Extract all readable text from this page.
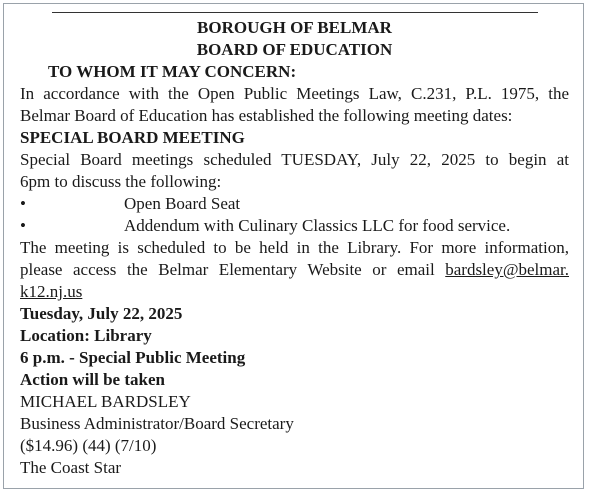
BOROUGH OF BELMAR
BOARD OF EDUCATION
TO WHOM IT MAY CONCERN:
In accordance with the Open Public Meetings Law, C.231, P.L. 1975, the
Belmar Board of Education has established the following meeting dates:
SPECIAL BOARD MEETING
Special Board meetings scheduled TUESDAY, July 22, 2025 to begin at
6pm to discuss the following:
•	Open Board Seat
•	Addendum with Culinary Classics LLC for food service.
The meeting is scheduled to be held in the Library. For more information,
please access the Belmar Elementary Website or email bardsley@belmar.
k12.nj.us
Tuesday, July 22, 2025
Location: Library
6 p.m. - Special Public Meeting
Action will be taken
MICHAEL BARDSLEY
Business Administrator/Board Secretary
($14.96) (44) (7/10)
The Coast Star
